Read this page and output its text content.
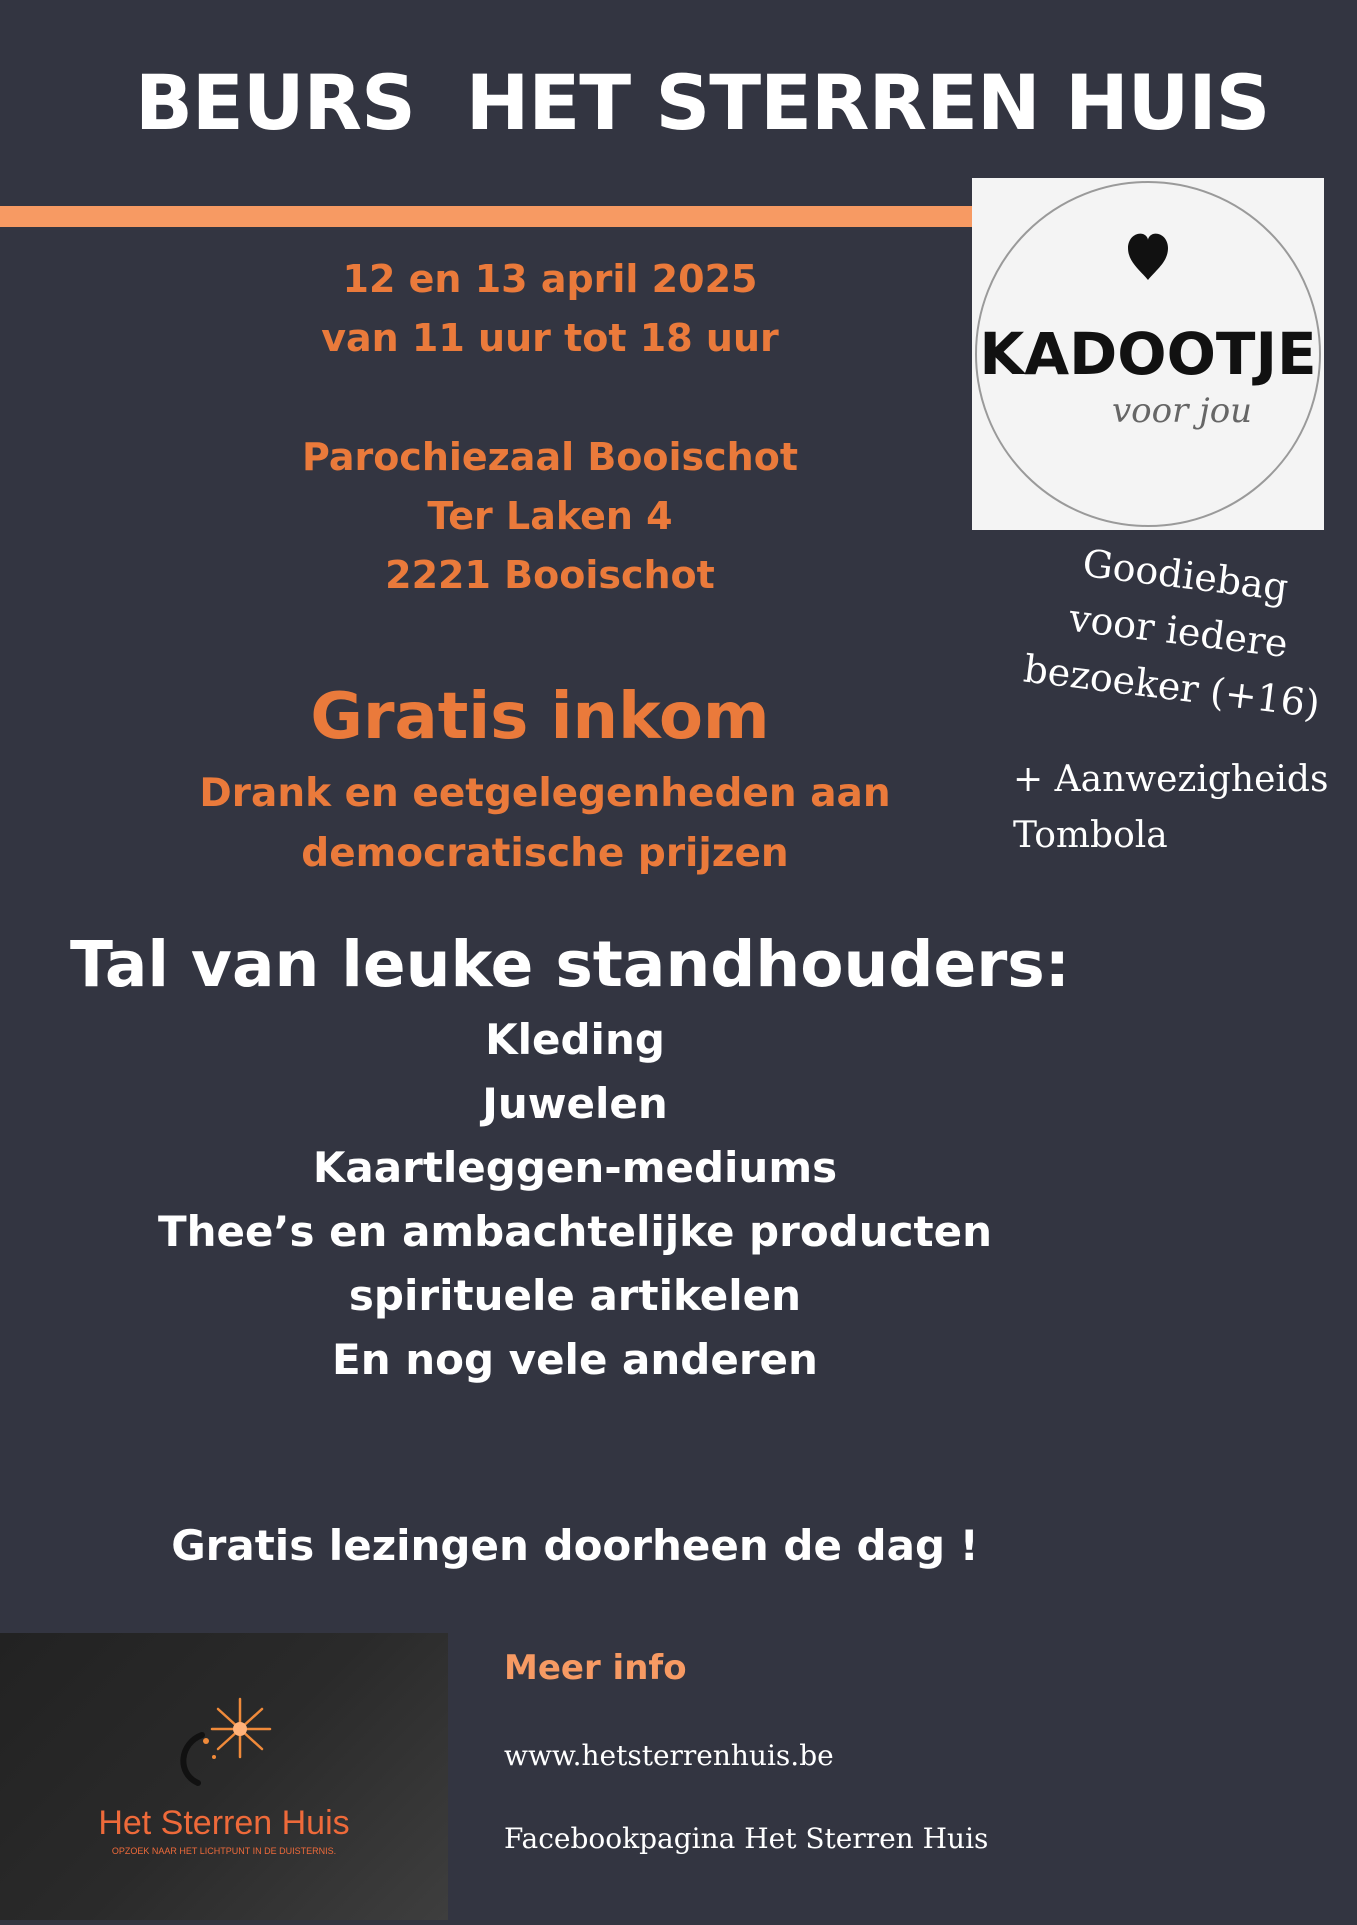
BEURS  HET STERREN HUIS
12 en 13 april 2025
van 11 uur tot 18 uur
Parochiezaal Booischot
Ter Laken 4
2221 Booischot
Gratis inkom
Drank en eetgelegenheden aan
democratische prijzen
Tal van leuke standhouders:
Kleding
Juwelen
Kaartleggen-mediums
Thee’s en ambachtelijke producten
spirituele artikelen
En nog vele anderen
Gratis lezingen doorheen de dag !
KADOOTJE
voor jou
Goodiebag
voor iedere
bezoeker (+16)
+ Aanwezigheids
Tombola
Het Sterren Huis
OPZOEK NAAR HET LICHTPUNT IN DE DUISTERNIS.
Meer info
www.hetsterrenhuis.be
Facebookpagina Het Sterren Huis
